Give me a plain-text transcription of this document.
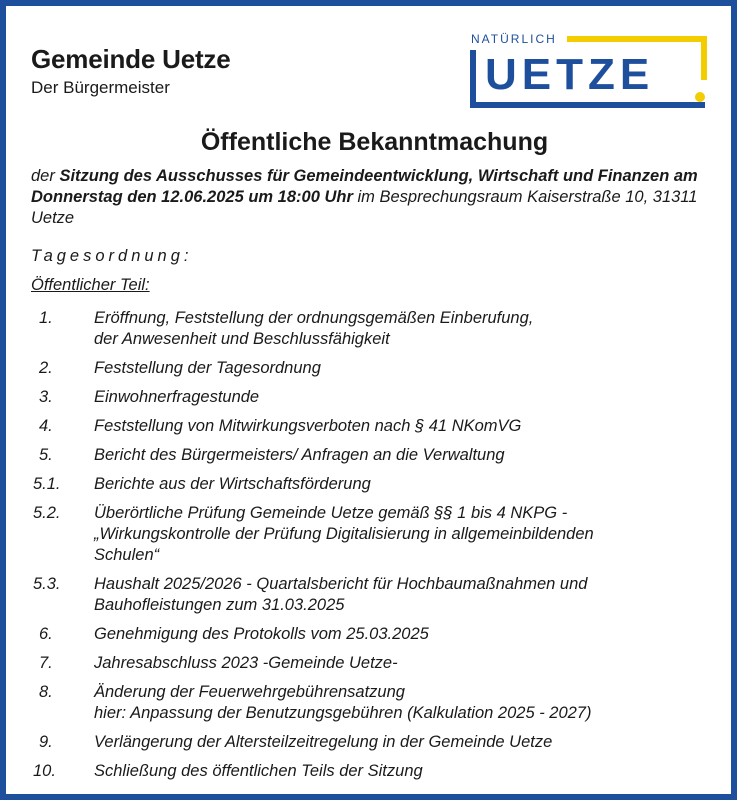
Gemeinde Uetze
Der Bürgermeister
NATÜRLICH
UETZE
Öffentliche Bekanntmachung
der Sitzung des Ausschusses für Gemeindeentwicklung, Wirtschaft und Finanzen am Donnerstag den 12.06.2025 um 18:00 Uhr im Besprechungsraum Kaiserstraße 10, 31311 Uetze
Tagesordnung:
Öffentlicher Teil:
1.	Eröffnung, Feststellung der ordnungsgemäßen Einberufung,
der Anwesenheit und Beschlussfähigkeit
2.	Feststellung der Tagesordnung
3.	Einwohnerfragestunde
4.	Feststellung von Mitwirkungsverboten nach § 41 NKomVG
5.	Bericht des Bürgermeisters/ Anfragen an die Verwaltung
5.1.	Berichte aus der Wirtschaftsförderung
5.2.	Überörtliche Prüfung Gemeinde Uetze gemäß §§ 1 bis 4 NKPG -
„Wirkungskontrolle der Prüfung Digitalisierung in allgemeinbildenden
Schulen“
5.3.	Haushalt 2025/2026 - Quartalsbericht für Hochbaumaßnahmen und
Bauhofleistungen zum 31.03.2025
6.	Genehmigung des Protokolls vom 25.03.2025
7.	Jahresabschluss 2023 -Gemeinde Uetze-
8.	Änderung der Feuerwehrgebührensatzung
hier: Anpassung der Benutzungsgebühren (Kalkulation 2025 - 2027)
9.	Verlängerung der Altersteilzeitregelung in der Gemeinde Uetze
10.	Schließung des öffentlichen Teils der Sitzung
